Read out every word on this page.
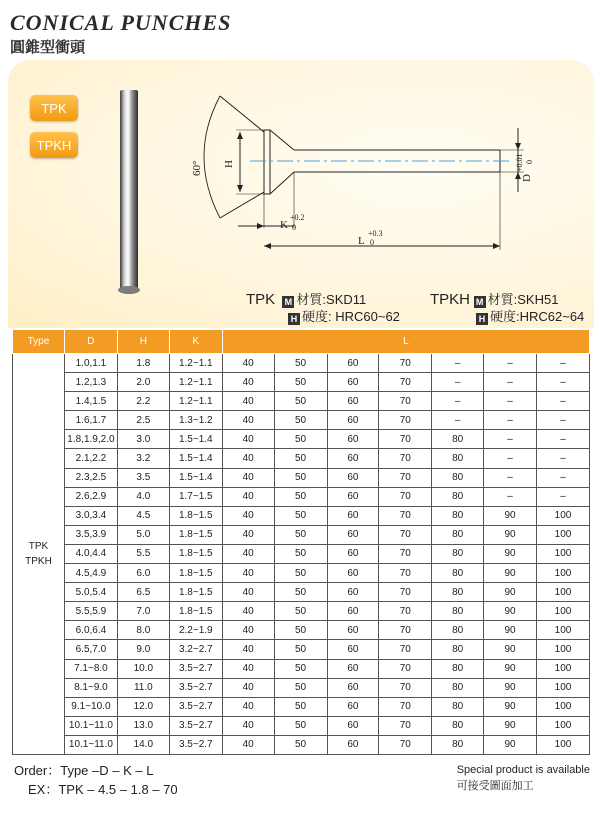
CONICAL PUNCHES
圓錐型衝頭
TPK
TPKH
60° H
K
+0.2
0
L
+0.3
0
D
+0.01 0
TPK M 材質:SKD11
H 硬度: HRC60~62
TPKH M 材質:SKH51
H 硬度:HRC62~64
Type	D	H	K	L						

TPK
TPKH	1.0,1.1	1.8	1.2~1.1	40	50	60	70	–	–	–
	1.2,1.3	2.0	1.2~1.1	40	50	60	70	–	–	–
	1.4,1.5	2.2	1.2~1.1	40	50	60	70	–	–	–
	1.6,1.7	2.5	1.3~1.2	40	50	60	70	–	–	–
	1.8,1.9,2.0	3.0	1.5~1.4	40	50	60	70	80	–	–
	2.1,2.2	3.2	1.5~1.4	40	50	60	70	80	–	–
	2.3,2.5	3.5	1.5~1.4	40	50	60	70	80	–	–
	2.6,2.9	4.0	1.7~1.5	40	50	60	70	80	–	–
	3.0,3.4	4.5	1.8~1.5	40	50	60	70	80	90	100
	3.5,3.9	5.0	1.8~1.5	40	50	60	70	80	90	100
	4.0,4.4	5.5	1.8~1.5	40	50	60	70	80	90	100
	4.5,4.9	6.0	1.8~1.5	40	50	60	70	80	90	100
	5.0,5.4	6.5	1.8~1.5	40	50	60	70	80	90	100
	5.5,5.9	7.0	1.8~1.5	40	50	60	70	80	90	100
	6.0,6.4	8.0	2.2~1.9	40	50	60	70	80	90	100
	6.5,7.0	9.0	3.2~2.7	40	50	60	70	80	90	100
	7.1~8.0	10.0	3.5~2.7	40	50	60	70	80	90	100
	8.1~9.0	11.0	3.5~2.7	40	50	60	70	80	90	100
	9.1~10.0	12.0	3.5~2.7	40	50	60	70	80	90	100
	10.1~11.0	13.0	3.5~2.7	40	50	60	70	80	90	100
	10.1~11.0	14.0	3.5~2.7	40	50	60	70	80	90	100
Order：Type –D – K – L
EX：TPK – 4.5 – 1.8 – 70
Special product is available
可接受圖面加工
